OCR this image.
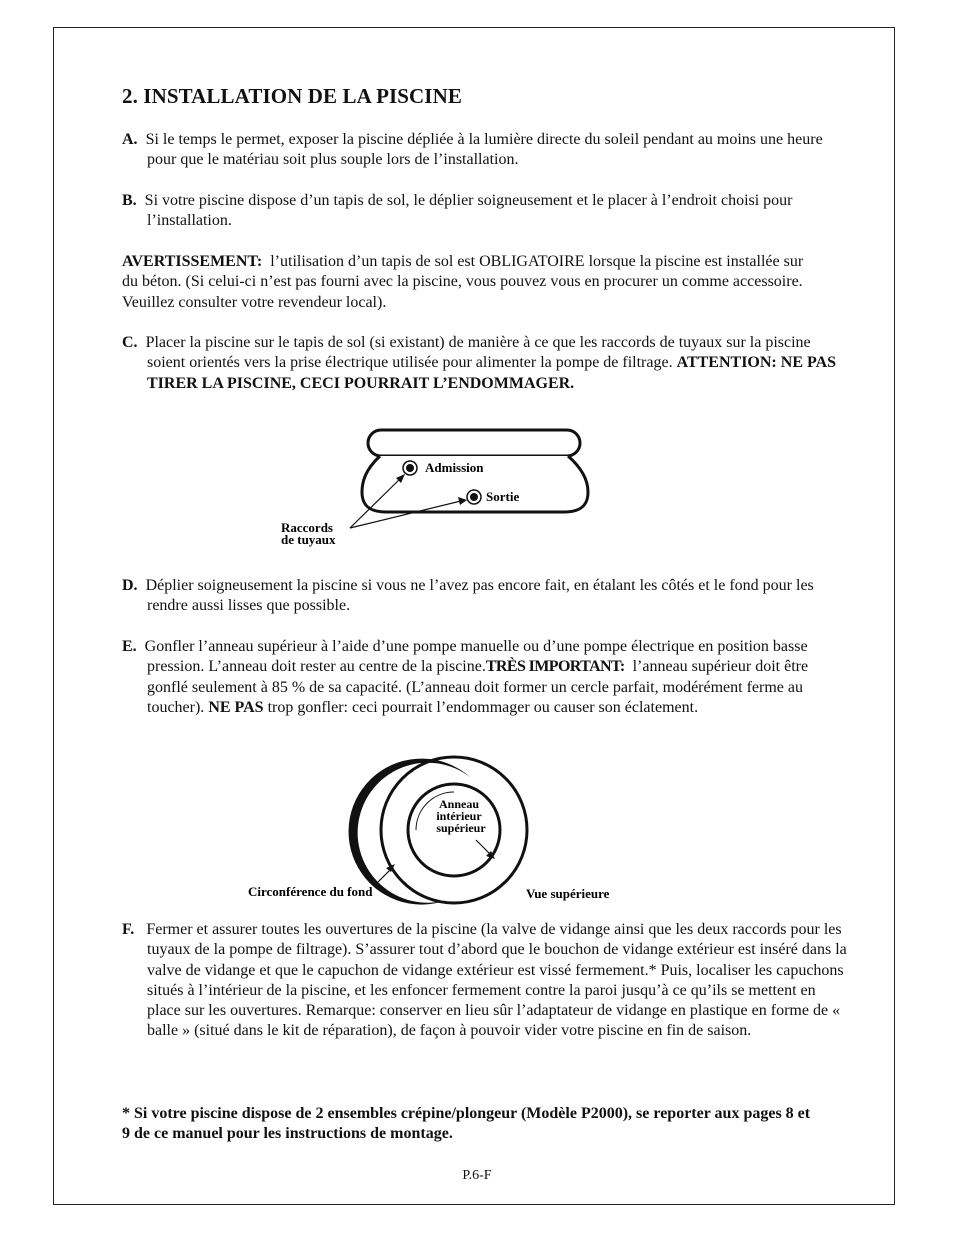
2. INSTALLATION DE LA PISCINE
A. Si le temps le permet, exposer la piscine dépliée à la lumière directe du soleil pendant au moins une heure pour que le matériau soit plus souple lors de l’installation.
B. Si votre piscine dispose d’un tapis de sol, le déplier soigneusement et le placer à l’endroit choisi pour l’installation.
AVERTISSEMENT: l’utilisation d’un tapis de sol est OBLIGATOIRE lorsque la piscine est installée sur du béton. (Si celui-ci n’est pas fourni avec la piscine, vous pouvez vous en procurer un comme accessoire. Veuillez consulter votre revendeur local).
C. Placer la piscine sur le tapis de sol (si existant) de manière à ce que les raccords de tuyaux sur la piscine soient orientés vers la prise électrique utilisée pour alimenter la pompe de filtrage. ATTENTION: NE PAS TIRER LA PISCINE, CECI POURRAIT L’ENDOMMAGER.
Admission
Sortie
Raccords
de tuyaux
D. Déplier soigneusement la piscine si vous ne l’avez pas encore fait, en étalant les côtés et le fond pour les rendre aussi lisses que possible.
E. Gonfler l’anneau supérieur à l’aide d’une pompe manuelle ou d’une pompe électrique en position basse pression. L’anneau doit rester au centre de la piscine.TRÈS IMPORTANT: l’anneau supérieur doit être gonflé seulement à 85 % de sa capacité. (L’anneau doit former un cercle parfait, modérément ferme au toucher). NE PAS trop gonfler: ceci pourrait l’endommager ou causer son éclatement.
Anneau
intérieur
supérieur
Circonférence du fond	Vue supérieure
F. Fermer et assurer toutes les ouvertures de la piscine (la valve de vidange ainsi que les deux raccords pour les tuyaux de la pompe de filtrage). S’assurer tout d’abord que le bouchon de vidange extérieur est inséré dans la valve de vidange et que le capuchon de vidange extérieur est vissé fermement.* Puis, localiser les capuchons situés à l’intérieur de la piscine, et les enfoncer fermement contre la paroi jusqu’à ce qu’ils se mettent en place sur les ouvertures. Remarque: conserver en lieu sûr l’adaptateur de vidange en plastique en forme de « balle » (situé dans le kit de réparation), de façon à pouvoir vider votre piscine en fin de saison.
* Si votre piscine dispose de 2 ensembles crépine/plongeur (Modèle P2000), se reporter aux pages 8 et 9 de ce manuel pour les instructions de montage.
P.6-F
